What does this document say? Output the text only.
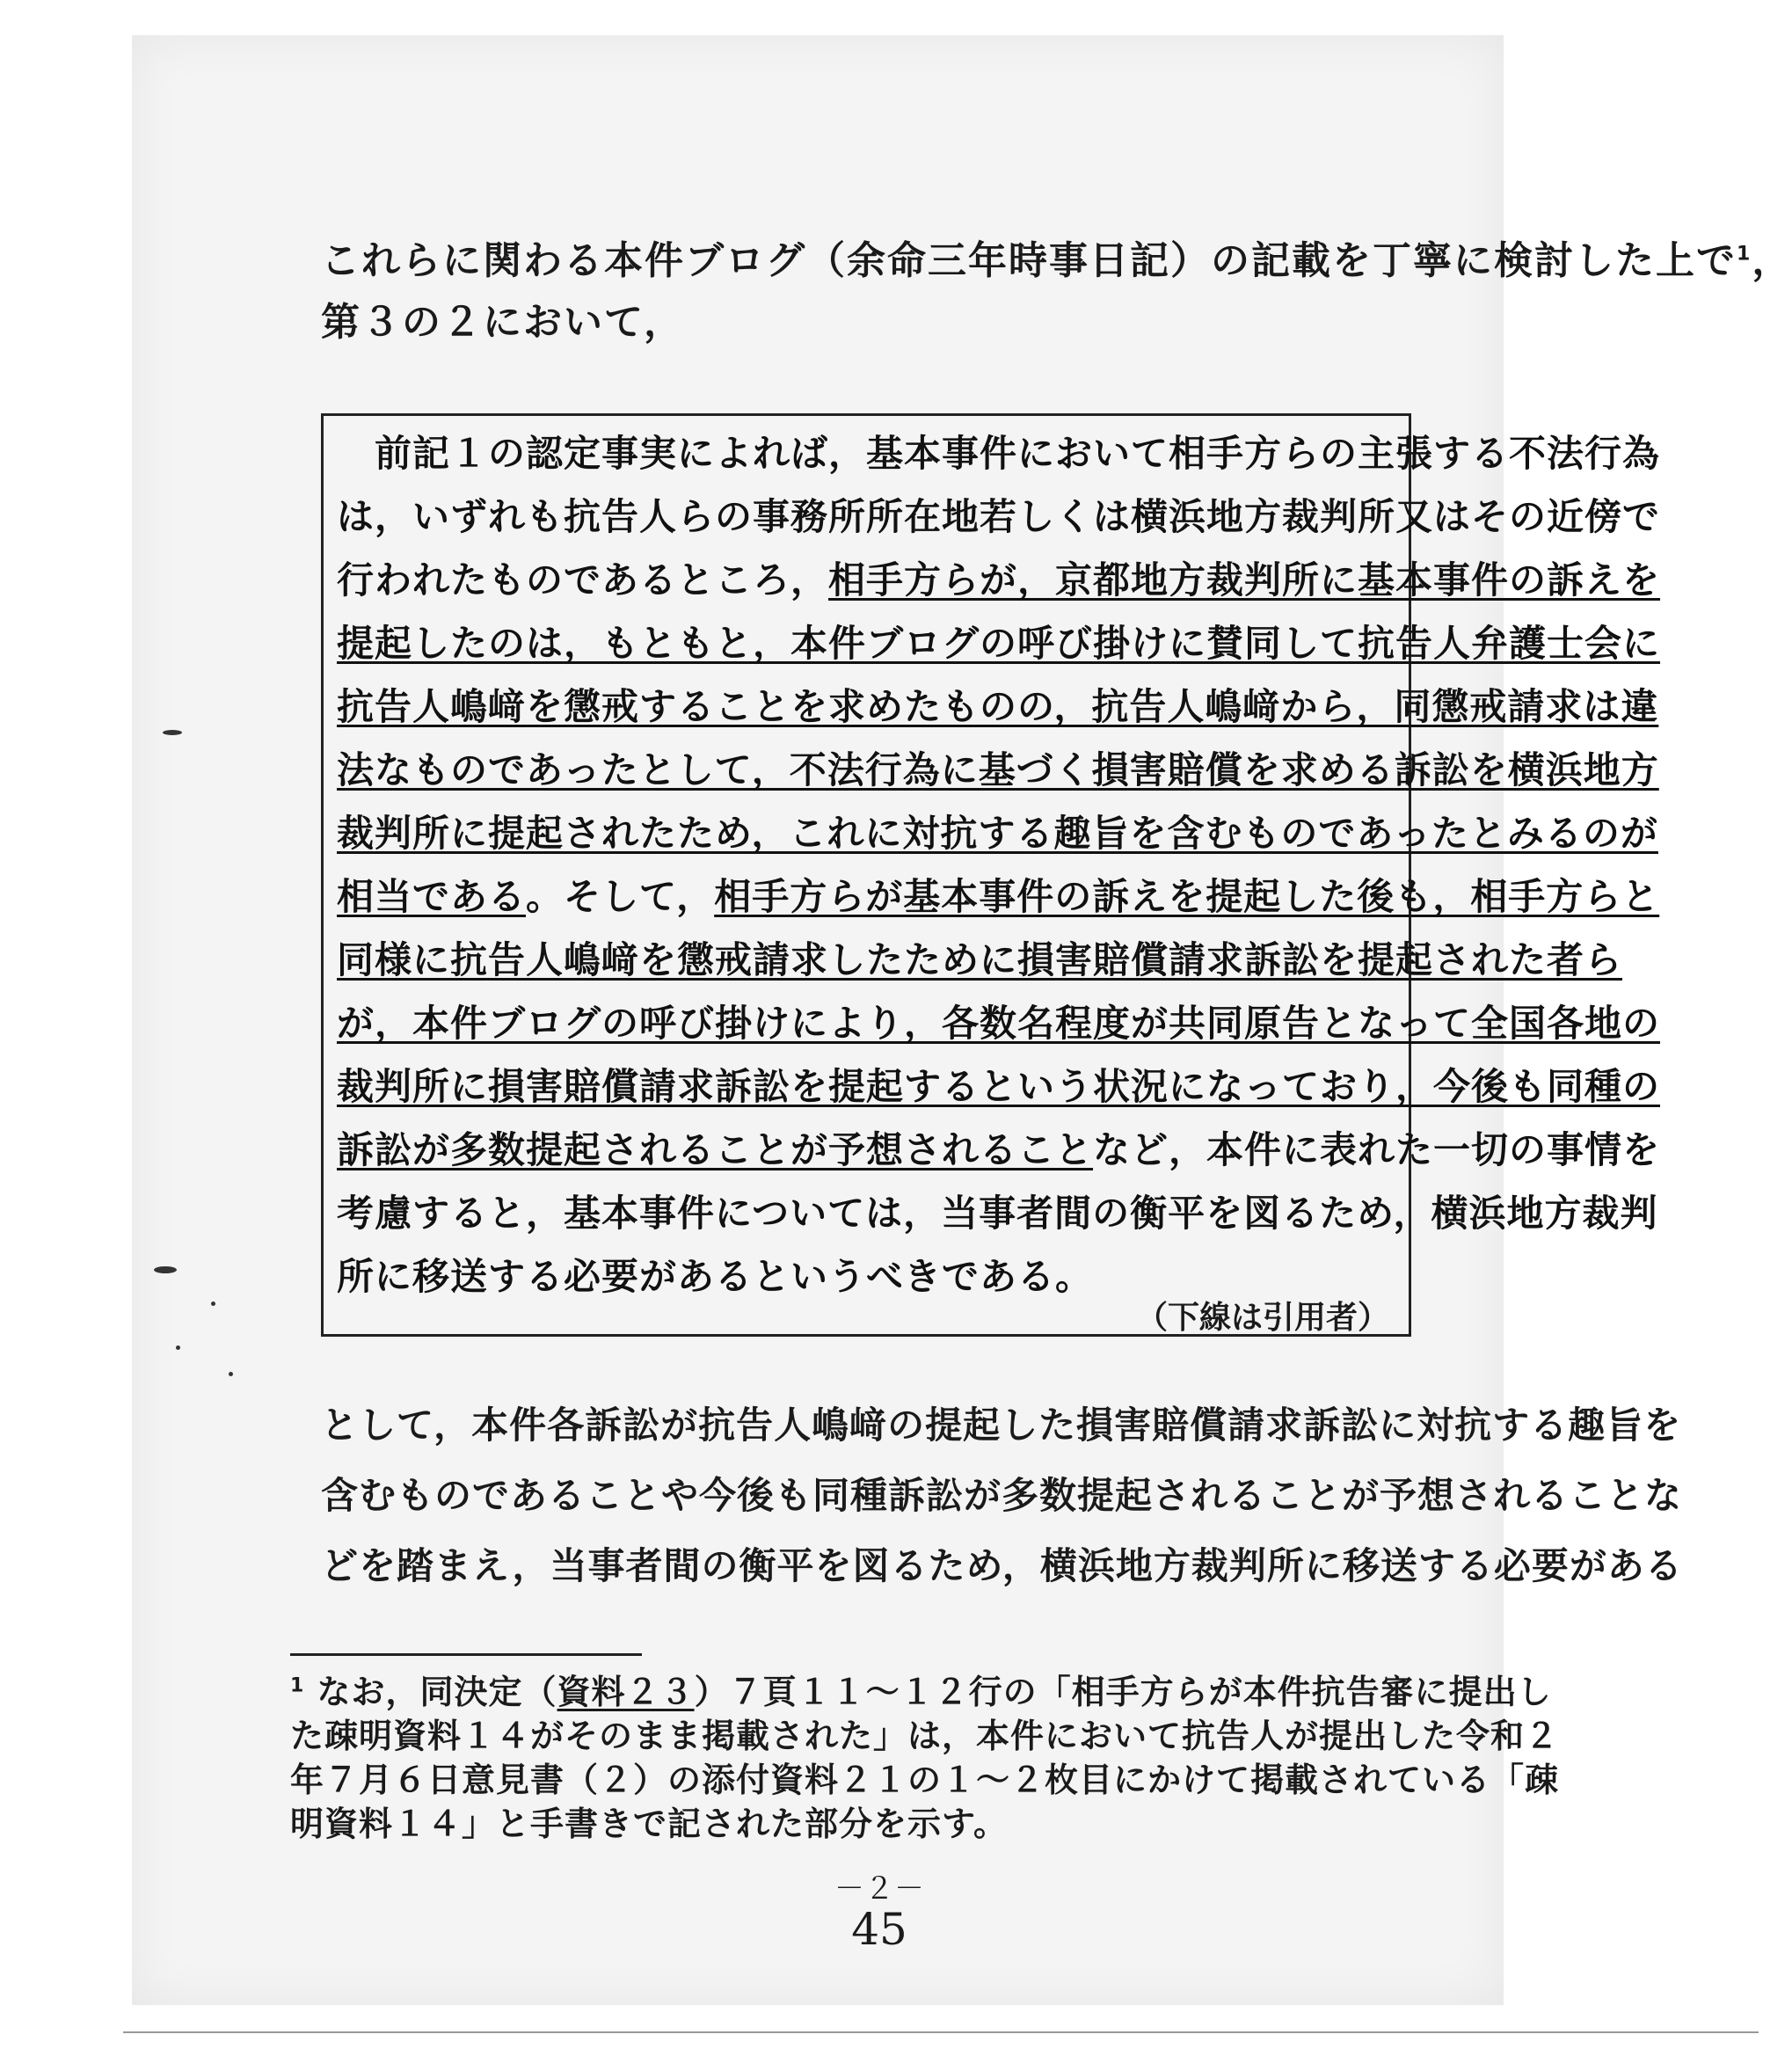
これらに関わる本件ブログ（余命三年時事日記）の記載を丁寧に検討した上で$^1$，
第３の２において，
　前記１の認定事実によれば，基本事件において相手方らの主張する不法行為
は，いずれも抗告人らの事務所所在地若しくは横浜地方裁判所又はその近傍で
行われたものであるところ，相手方らが，京都地方裁判所に基本事件の訴えを
提起したのは，もともと，本件ブログの呼び掛けに賛同して抗告人弁護士会に
抗告人嶋﨑を懲戒することを求めたものの，抗告人嶋﨑から，同懲戒請求は違
法なものであったとして，不法行為に基づく損害賠償を求める訴訟を横浜地方
裁判所に提起されたため，これに対抗する趣旨を含むものであったとみるのが
相当である。そして，相手方らが基本事件の訴えを提起した後も，相手方らと
同様に抗告人嶋﨑を懲戒請求したために損害賠償請求訴訟を提起された者ら
が，本件ブログの呼び掛けにより，各数名程度が共同原告となって全国各地の
裁判所に損害賠償請求訴訟を提起するという状況になっており，今後も同種の
訴訟が多数提起されることが予想されることなど，本件に表れた一切の事情を
考慮すると，基本事件については，当事者間の衡平を図るため，横浜地方裁判
所に移送する必要があるというべきである。
（下線は引用者）
として，本件各訴訟が抗告人嶋﨑の提起した損害賠償請求訴訟に対抗する趣旨を
含むものであることや今後も同種訴訟が多数提起されることが予想されることな
どを踏まえ，当事者間の衡平を図るため，横浜地方裁判所に移送する必要がある
$^1$ なお，同決定（資料２３）７頁１１～１２行の「相手方らが本件抗告審に提出し
た疎明資料１４がそのまま掲載された」は，本件において抗告人が提出した令和２
年７月６日意見書（２）の添付資料２１の１～２枚目にかけて掲載されている「疎
明資料１４」と手書きで記された部分を示す。
－２－
45
